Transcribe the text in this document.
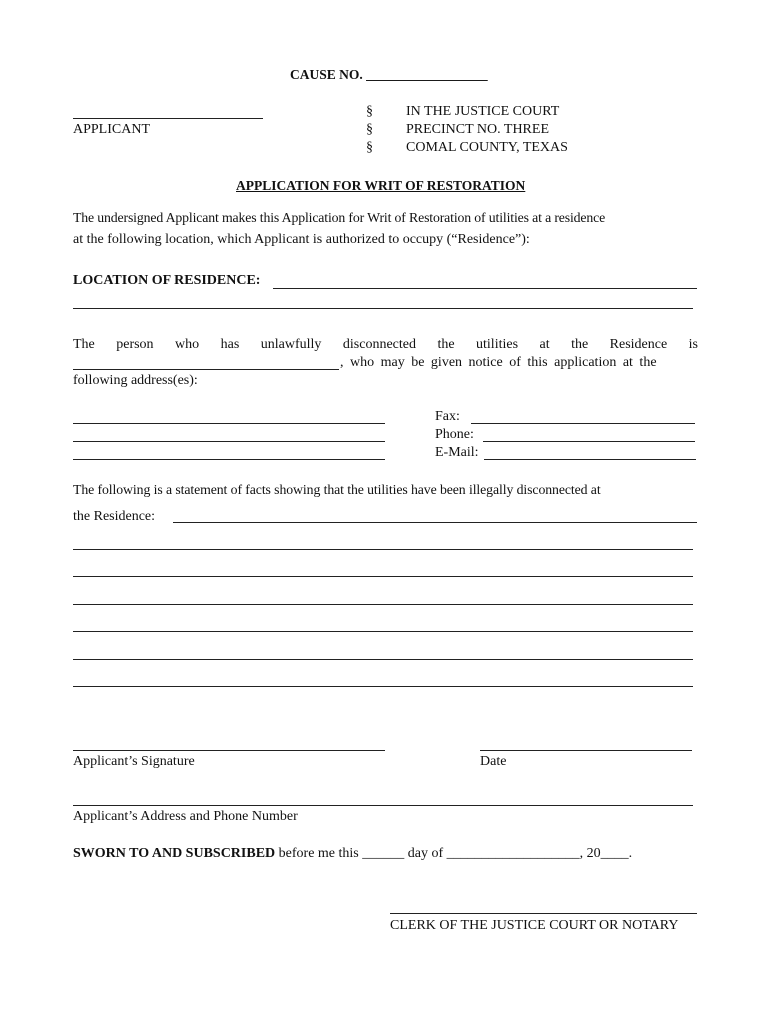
CAUSE NO. __________________
APPLICANT
§
§
§
IN THE JUSTICE COURT
PRECINCT NO. THREE
COMAL COUNTY, TEXAS
APPLICATION FOR WRIT OF RESTORATION
The undersigned Applicant makes this Application for Writ of Restoration of utilities at a residence
at the following location, which Applicant is authorized to occupy (“Residence”):
LOCATION OF RESIDENCE:
The person who has unlawfully disconnected the utilities at the Residence is
, who may be given notice of this application at the
following address(es):
Fax:
Phone:
E-Mail:
The following is a statement of facts showing that the utilities have been illegally disconnected at
the Residence:
Applicant’s Signature	Date
Applicant’s Address and Phone Number
SWORN TO AND SUBSCRIBED before me this ______ day of ___________________, 20____.
CLERK OF THE JUSTICE COURT OR NOTARY
